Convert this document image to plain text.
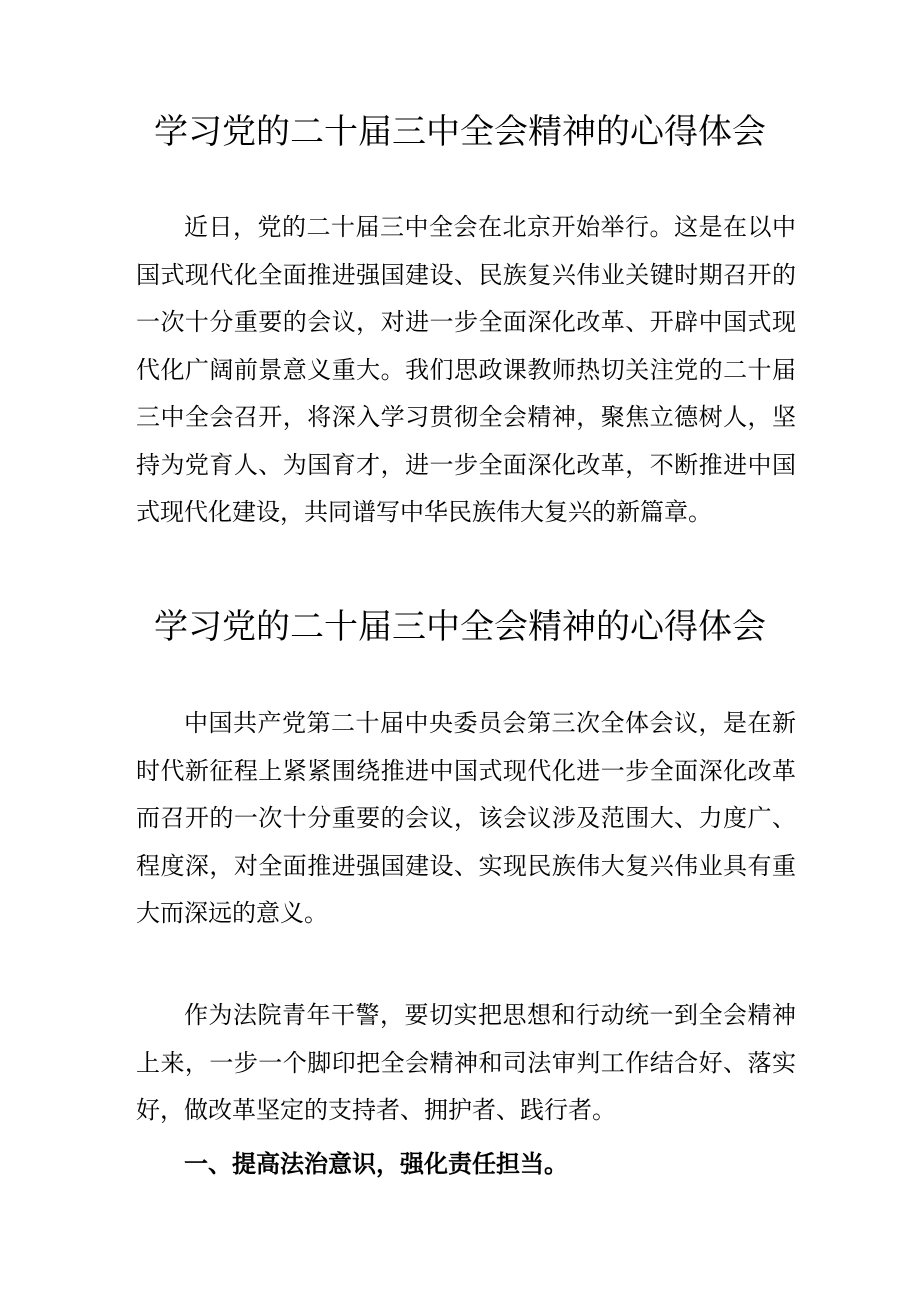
学习党的二十届三中全会精神的心得体会

近日，党的二十届三中全会在北京开始举行。这是在以中国式现代化全面推进强国建设、民族复兴伟业关键时期召开的一次十分重要的会议，对进一步全面深化改革、开辟中国式现代化广阔前景意义重大。我们思政课教师热切关注党的二十届三中全会召开，将深入学习贯彻全会精神，聚焦立德树人，坚持为党育人、为国育才，进一步全面深化改革，不断推进中国式现代化建设，共同谱写中华民族伟大复兴的新篇章。

学习党的二十届三中全会精神的心得体会

中国共产党第二十届中央委员会第三次全体会议，是在新时代新征程上紧紧围绕推进中国式现代化进一步全面深化改革而召开的一次十分重要的会议，该会议涉及范围大、力度广、程度深，对全面推进强国建设、实现民族伟大复兴伟业具有重大而深远的意义。

作为法院青年干警，要切实把思想和行动统一到全会精神上来，一步一个脚印把全会精神和司法审判工作结合好、落实好，做改革坚定的支持者、拥护者、践行者。

一、提高法治意识，强化责任担当。
